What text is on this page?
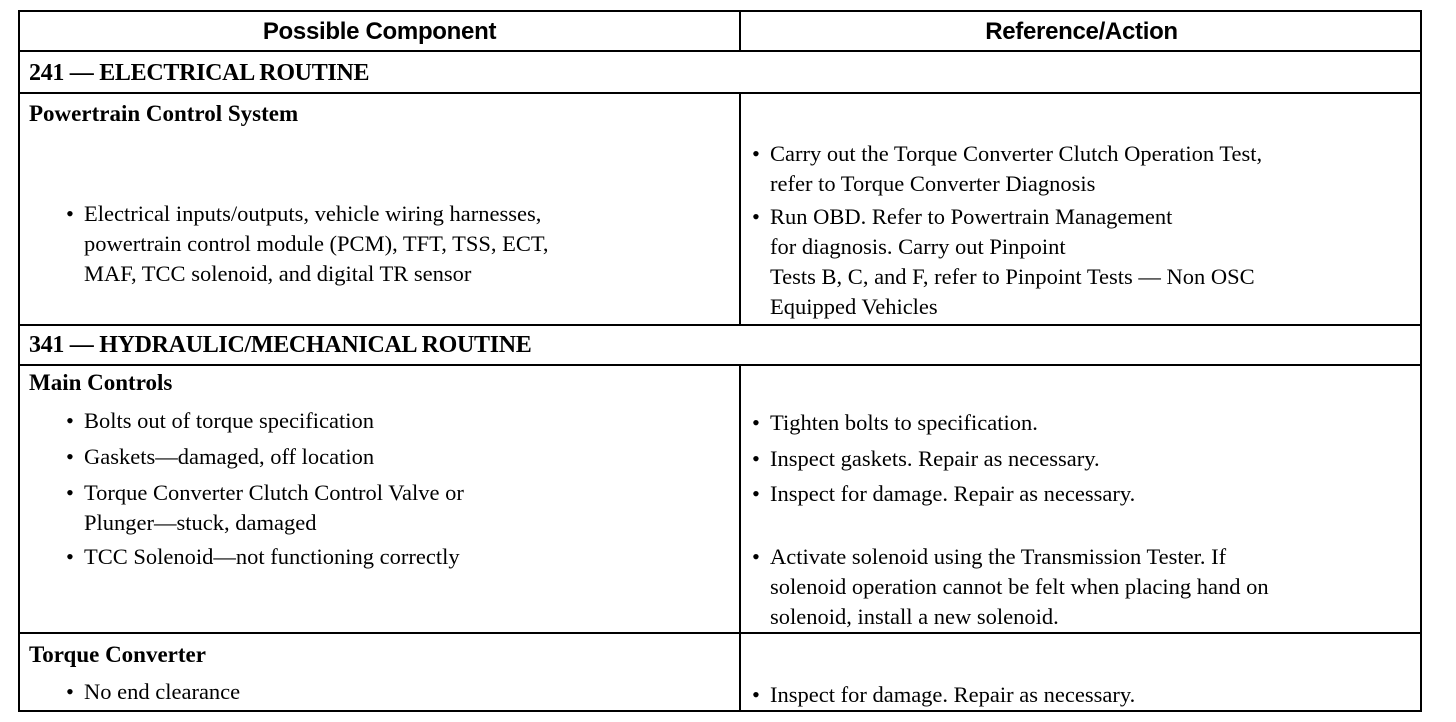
Possible Component	Reference/Action
241 — ELECTRICAL ROUTINE
Powertrain Control System
• Electrical inputs/outputs, vehicle wiring harnesses,
powertrain control module (PCM), TFT, TSS, ECT,
MAF, TCC solenoid, and digital TR sensor
• Carry out the Torque Converter Clutch Operation Test,
refer to Torque Converter Diagnosis
• Run OBD. Refer to Powertrain Management
for diagnosis. Carry out Pinpoint
Tests B, C, and F, refer to Pinpoint Tests — Non OSC
Equipped Vehicles
341 — HYDRAULIC/MECHANICAL ROUTINE
Main Controls
• Bolts out of torque specification
• Gaskets—damaged, off location
• Torque Converter Clutch Control Valve or
Plunger—stuck, damaged
• TCC Solenoid—not functioning correctly
• Tighten bolts to specification.
• Inspect gaskets. Repair as necessary.
• Inspect for damage. Repair as necessary.
• Activate solenoid using the Transmission Tester. If
solenoid operation cannot be felt when placing hand on
solenoid, install a new solenoid.
Torque Converter
• No end clearance	• Inspect for damage. Repair as necessary.
